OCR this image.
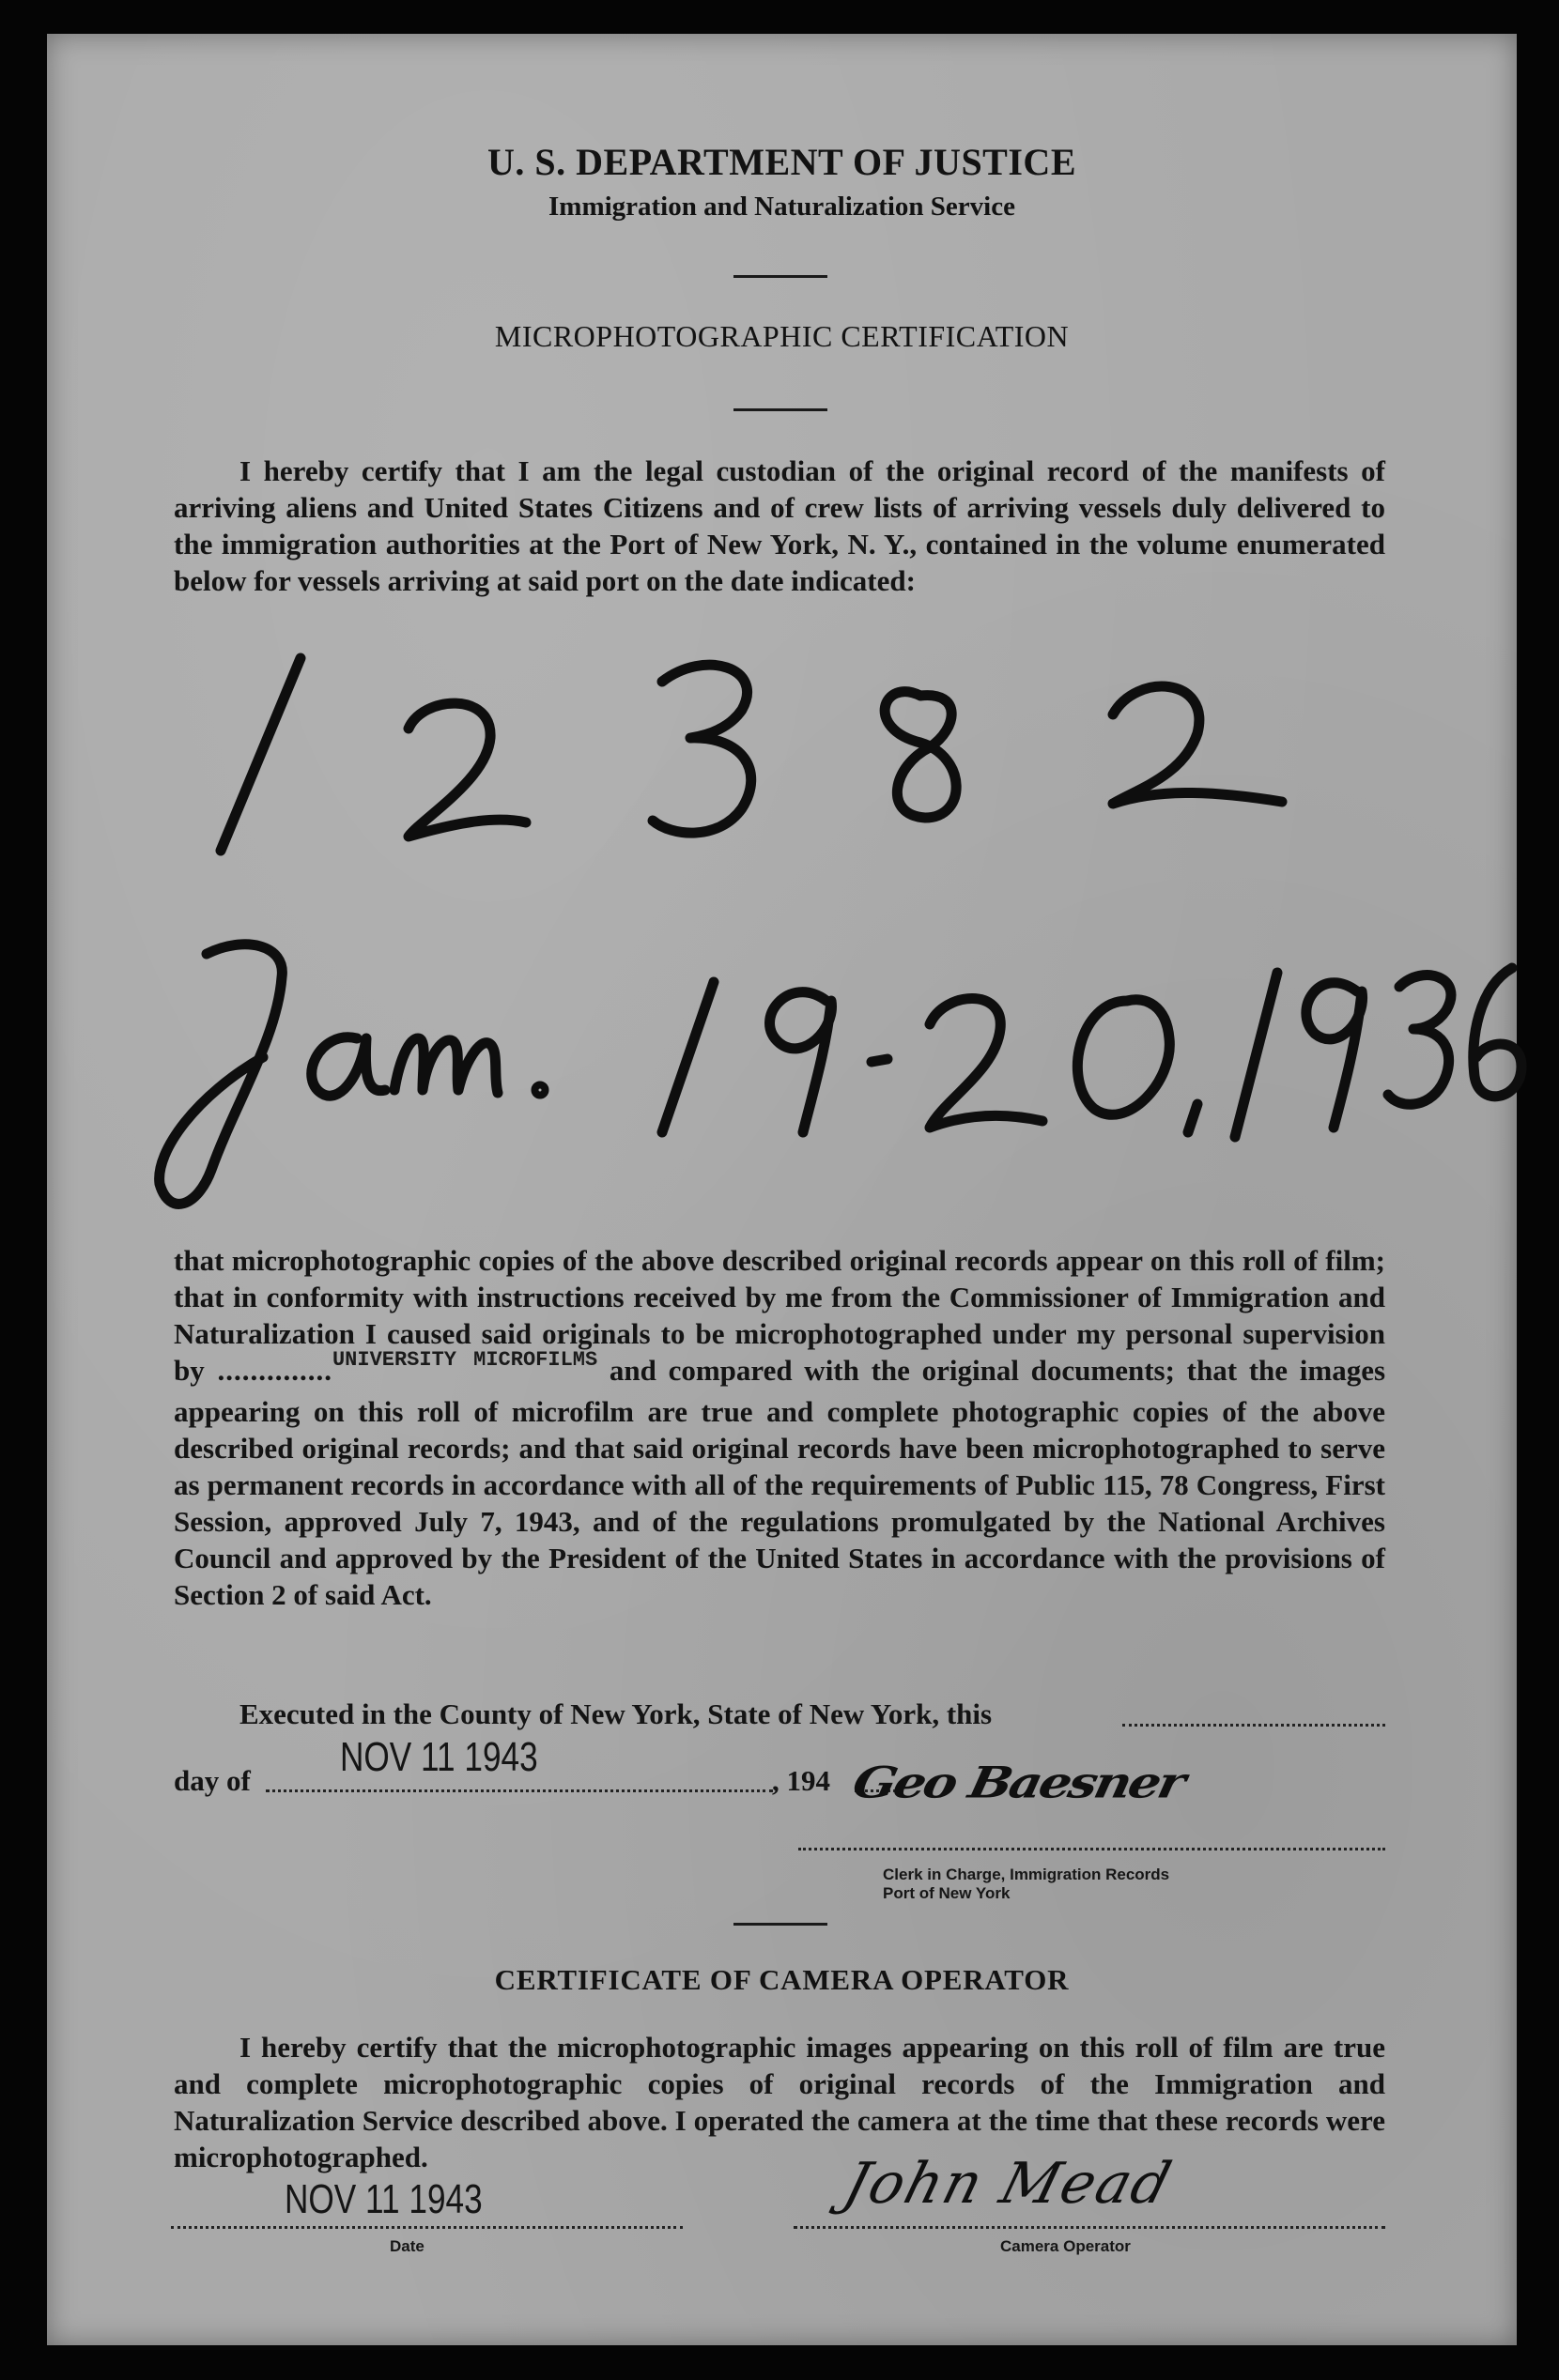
U. S. DEPARTMENT OF JUSTICE
Immigration and Naturalization Service
MICROPHOTOGRAPHIC CERTIFICATION
I hereby certify that I am the legal custodian of the original record of the manifests of arriving aliens and United States Citizens and of crew lists of arriving vessels duly delivered to the immigration authorities at the Port of New York, N. Y., contained in the volume enumerated below for vessels arriving at said port on the date indicated:
that microphotographic copies of the above described original records appear on this roll of film; that in conformity with instructions received by me from the Commissioner of Immigration and Naturalization I caused said originals to be microphotographed under my personal supervision by ..............$^{UNIVERSITY MICROFILMS}$ and compared with the original documents; that the images appearing on this roll of microfilm are true and complete photographic copies of the above described original records; and that said original records have been microphotographed to serve as permanent records in accordance with all of the requirements of Public 115, 78 Congress, First Session, approved July 7, 1943, and of the regulations promulgated by the National Archives Council and approved by the President of the United States in accordance with the provisions of Section 2 of said Act.
Executed in the County of New York, State of New York, this
day of
NOV 11 1943
, 194 Geo Baesner
Clerk in Charge, Immigration Records
Port of New York
CERTIFICATE OF CAMERA OPERATOR
I hereby certify that the microphotographic images appearing on this roll of film are true and complete microphotographic copies of original records of the Immigration and Naturalization Service described above. I operated the camera at the time that these records were microphotographed.
NOV 11 1943
Date
John Mead
Camera Operator
